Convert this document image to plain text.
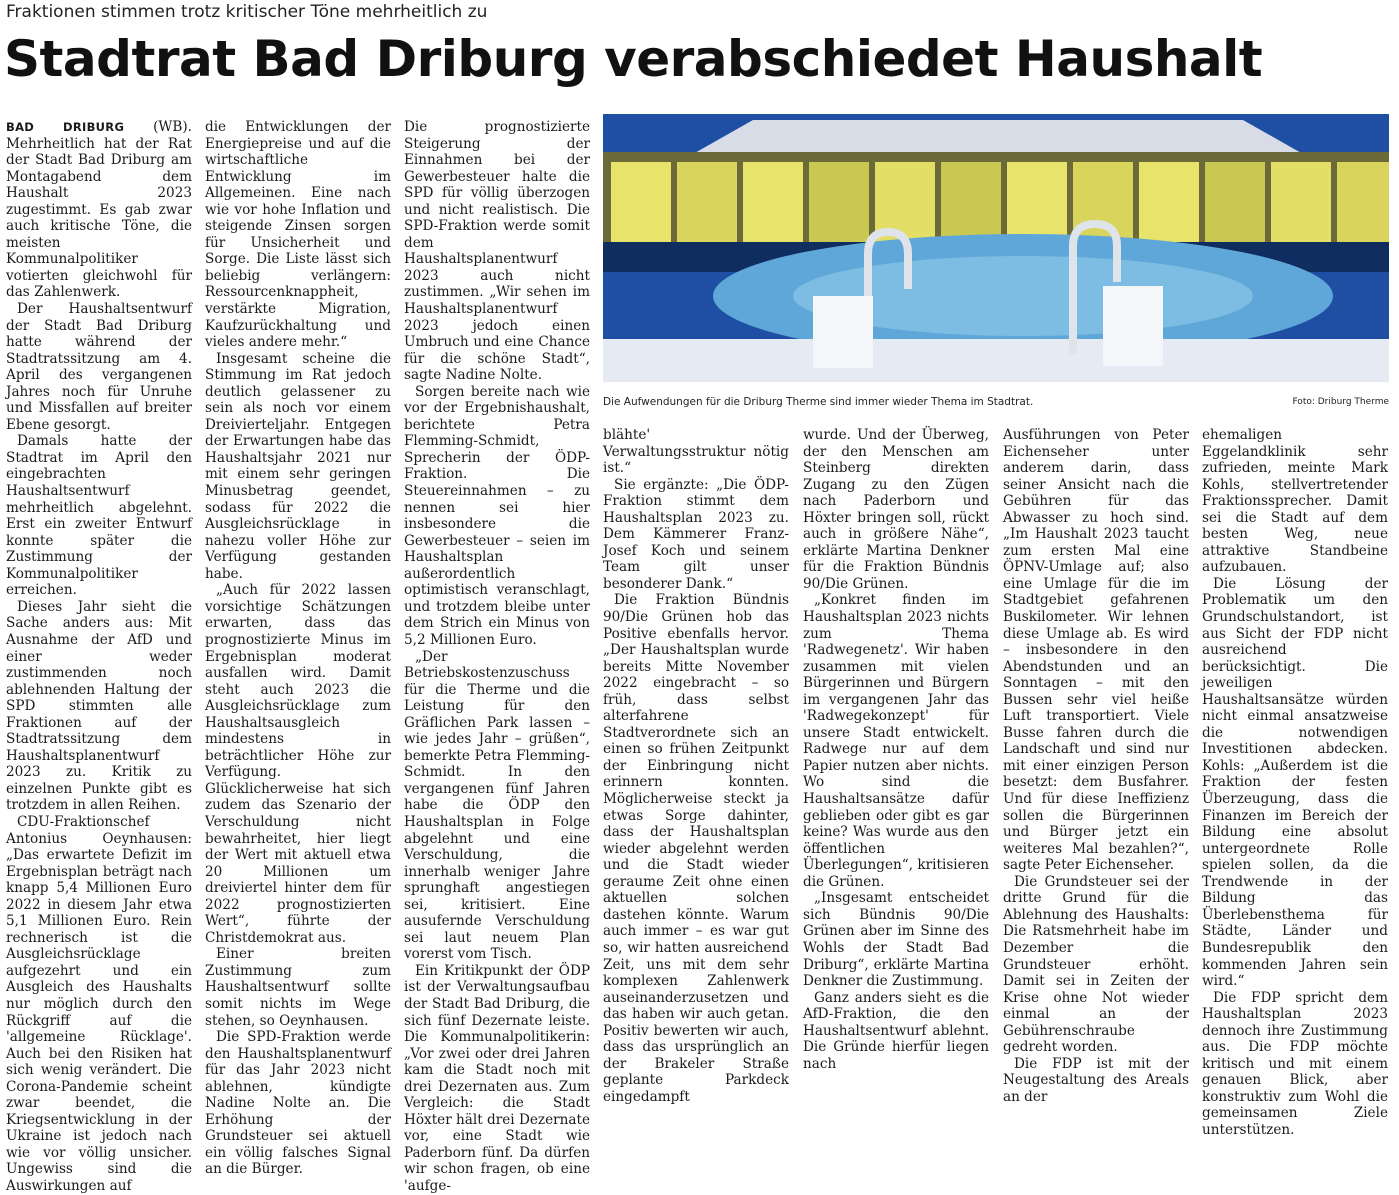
Fraktionen stimmen trotz kritischer Töne mehrheitlich zu
Stadtrat Bad Driburg verabschiedet Haushalt

BAD DRIBURG (WB). Mehrheitlich hat der Rat der Stadt Bad Driburg am Montagabend dem Haushalt 2023 zugestimmt. Es gab zwar auch kritische Töne, die meisten Kommunalpolitiker votierten gleichwohl für das Zahlenwerk.

Der Haushaltsentwurf der Stadt Bad Driburg hatte während der Stadtratssitzung am 4. April des vergangenen Jahres noch für Unruhe und Missfallen auf breiter Ebene gesorgt.

Damals hatte der Stadtrat im April den eingebrachten Haushaltsentwurf mehrheitlich abgelehnt. Erst ein zweiter Entwurf konnte später die Zustimmung der Kommunalpolitiker erreichen.

Dieses Jahr sieht die Sache anders aus: Mit Ausnahme der AfD und einer weder zustimmenden noch ablehnenden Haltung der SPD stimmten alle Fraktionen auf der Stadtratssitzung dem Haushaltsplanentwurf 2023 zu. Kritik zu einzelnen Punkte gibt es trotzdem in allen Reihen.

CDU-Fraktionschef Antonius Oeynhausen: „Das erwartete Defizit im Ergebnisplan beträgt nach knapp 5,4 Millionen Euro 2022 in diesem Jahr etwa 5,1 Millionen Euro. Rein rechnerisch ist die Ausgleichsrücklage aufgezehrt und ein Ausgleich des Haushalts nur möglich durch den Rückgriff auf die 'allgemeine Rücklage'. Auch bei den Risiken hat sich wenig verändert. Die Corona-Pandemie scheint zwar beendet, die Kriegsentwicklung in der Ukraine ist jedoch nach wie vor völlig unsicher. Ungewiss sind die Auswirkungen auf

die Entwicklungen der Energiepreise und auf die wirtschaftliche Entwicklung im Allgemeinen. Eine nach wie vor hohe Inflation und steigende Zinsen sorgen für Unsicherheit und Sorge. Die Liste lässt sich beliebig verlängern: Ressourcenknappheit, verstärkte Migration, Kaufzurückhaltung und vieles andere mehr.“

Insgesamt scheine die Stimmung im Rat jedoch deutlich gelassener zu sein als noch vor einem Dreivierteljahr. Entgegen der Erwartungen habe das Haushaltsjahr 2021 nur mit einem sehr geringen Minusbetrag geendet, sodass für 2022 die Ausgleichsrücklage in nahezu voller Höhe zur Verfügung gestanden habe.

„Auch für 2022 lassen vorsichtige Schätzungen erwarten, dass das prognostizierte Minus im Ergebnisplan moderat ausfallen wird. Damit steht auch 2023 die Ausgleichsrücklage zum Haushaltsausgleich mindestens in beträchtlicher Höhe zur Verfügung. Glücklicherweise hat sich zudem das Szenario der Verschuldung nicht bewahrheitet, hier liegt der Wert mit aktuell etwa 20 Millionen um dreiviertel hinter dem für 2022 prognostizierten Wert“, führte der Christdemokrat aus.

Einer breiten Zustimmung zum Haushaltsentwurf sollte somit nichts im Wege stehen, so Oeynhausen.

Die SPD-Fraktion werde den Haushaltsplanentwurf für das Jahr 2023 nicht ablehnen, kündigte Nadine Nolte an. Die Erhöhung der Grundsteuer sei aktuell ein völlig falsches Signal an die Bürger.

Die prognostizierte Steigerung der Einnahmen bei der Gewerbesteuer halte die SPD für völlig überzogen und nicht realistisch. Die SPD-Fraktion werde somit dem Haushaltsplanentwurf 2023 auch nicht zustimmen. „Wir sehen im Haushaltsplanentwurf 2023 jedoch einen Umbruch und eine Chance für die schöne Stadt“, sagte Nadine Nolte.

Sorgen bereite nach wie vor der Ergebnishaushalt, berichtete Petra Flemming-Schmidt, Sprecherin der ÖDP-Fraktion. Die Steuereinnahmen – zu nennen sei hier insbesondere die Gewerbesteuer – seien im Haushaltsplan außerordentlich optimistisch veranschlagt, und trotzdem bleibe unter dem Strich ein Minus von 5,2 Millionen Euro.

„Der Betriebskostenzuschuss für die Therme und die Leistung für den Gräflichen Park lassen – wie jedes Jahr – grüßen“, bemerkte Petra Flemming-Schmidt. In den vergangenen fünf Jahren habe die ÖDP den Haushaltsplan in Folge abgelehnt und eine Verschuldung, die innerhalb weniger Jahre sprunghaft angestiegen sei, kritisiert. Eine ausufernde Verschuldung sei laut neuem Plan vorerst vom Tisch.

Ein Kritikpunkt der ÖDP ist der Verwaltungsaufbau der Stadt Bad Driburg, die sich fünf Dezernate leiste. Die Kommunalpolitikerin: „Vor zwei oder drei Jahren kam die Stadt noch mit drei Dezernaten aus. Zum Vergleich: die Stadt Höxter hält drei Dezernate vor, eine Stadt wie Paderborn fünf. Da dürfen wir schon fragen, ob eine 'aufge-

Die Aufwendungen für die Driburg Therme sind immer wieder Thema im Stadtrat.	Foto: Driburg Therme

blähte' Verwaltungsstruktur nötig ist.“

Sie ergänzte: „Die ÖDP-Fraktion stimmt dem Haushaltsplan 2023 zu. Dem Kämmerer Franz-Josef Koch und seinem Team gilt unser besonderer Dank.“

Die Fraktion Bündnis 90/Die Grünen hob das Positive ebenfalls hervor. „Der Haushaltsplan wurde bereits Mitte November 2022 eingebracht – so früh, dass selbst alterfahrene Stadtverordnete sich an einen so frühen Zeitpunkt der Einbringung nicht erinnern konnten. Möglicherweise steckt ja etwas Sorge dahinter, dass der Haushaltsplan wieder abgelehnt werden und die Stadt wieder geraume Zeit ohne einen aktuellen solchen dastehen könnte. Warum auch immer – es war gut so, wir hatten ausreichend Zeit, uns mit dem sehr komplexen Zahlenwerk auseinanderzusetzen und das haben wir auch getan. Positiv bewerten wir auch, dass das ursprünglich an der Brakeler Straße geplante Parkdeck eingedampft

wurde. Und der Überweg, der den Menschen am Steinberg direkten Zugang zu den Zügen nach Paderborn und Höxter bringen soll, rückt auch in größere Nähe“, erklärte Martina Denkner für die Fraktion Bündnis 90/Die Grünen.

„Konkret finden im Haushaltsplan 2023 nichts zum Thema 'Radwegenetz'. Wir haben zusammen mit vielen Bürgerinnen und Bürgern im vergangenen Jahr das 'Radwegekonzept' für unsere Stadt entwickelt. Radwege nur auf dem Papier nutzen aber nichts. Wo sind die Haushaltsansätze dafür geblieben oder gibt es gar keine? Was wurde aus den öffentlichen Überlegungen“, kritisieren die Grünen.

„Insgesamt entscheidet sich Bündnis 90/Die Grünen aber im Sinne des Wohls der Stadt Bad Driburg“, erklärte Martina Denkner die Zustimmung.

Ganz anders sieht es die AfD-Fraktion, die den Haushaltsentwurf ablehnt. Die Gründe hierfür liegen nach

Ausführungen von Peter Eichenseher unter anderem darin, dass seiner Ansicht nach die Gebühren für das Abwasser zu hoch sind. „Im Haushalt 2023 taucht zum ersten Mal eine ÖPNV-Umlage auf; also eine Umlage für die im Stadtgebiet gefahrenen Buskilometer. Wir lehnen diese Umlage ab. Es wird – insbesondere in den Abendstunden und an Sonntagen – mit den Bussen sehr viel heiße Luft transportiert. Viele Busse fahren durch die Landschaft und sind nur mit einer einzigen Person besetzt: dem Busfahrer. Und für diese Ineffizienz sollen die Bürgerinnen und Bürger jetzt ein weiteres Mal bezahlen?“, sagte Peter Eichenseher.

Die Grundsteuer sei der dritte Grund für die Ablehnung des Haushalts: Die Ratsmehrheit habe im Dezember die Grundsteuer erhöht. Damit sei in Zeiten der Krise ohne Not wieder einmal an der Gebührenschraube gedreht worden.

Die FDP ist mit der Neugestaltung des Areals an der

ehemaligen Eggelandklinik sehr zufrieden, meinte Mark Kohls, stellvertretender Fraktionssprecher. Damit sei die Stadt auf dem besten Weg, neue attraktive Standbeine aufzubauen.

Die Lösung der Problematik um den Grundschulstandort, ist aus Sicht der FDP nicht ausreichend berücksichtigt. Die jeweiligen Haushaltsansätze würden nicht einmal ansatzweise die notwendigen Investitionen abdecken. Kohls: „Außerdem ist die Fraktion der festen Überzeugung, dass die Finanzen im Bereich der Bildung eine absolut untergeordnete Rolle spielen sollen, da die Trendwende in der Bildung das Überlebensthema für Städte, Länder und Bundesrepublik den kommenden Jahren sein wird.“

Die FDP spricht dem Haushaltsplan 2023 dennoch ihre Zustimmung aus. Die FDP möchte kritisch und mit einem genauen Blick, aber konstruktiv zum Wohl die gemeinsamen Ziele unterstützen.
